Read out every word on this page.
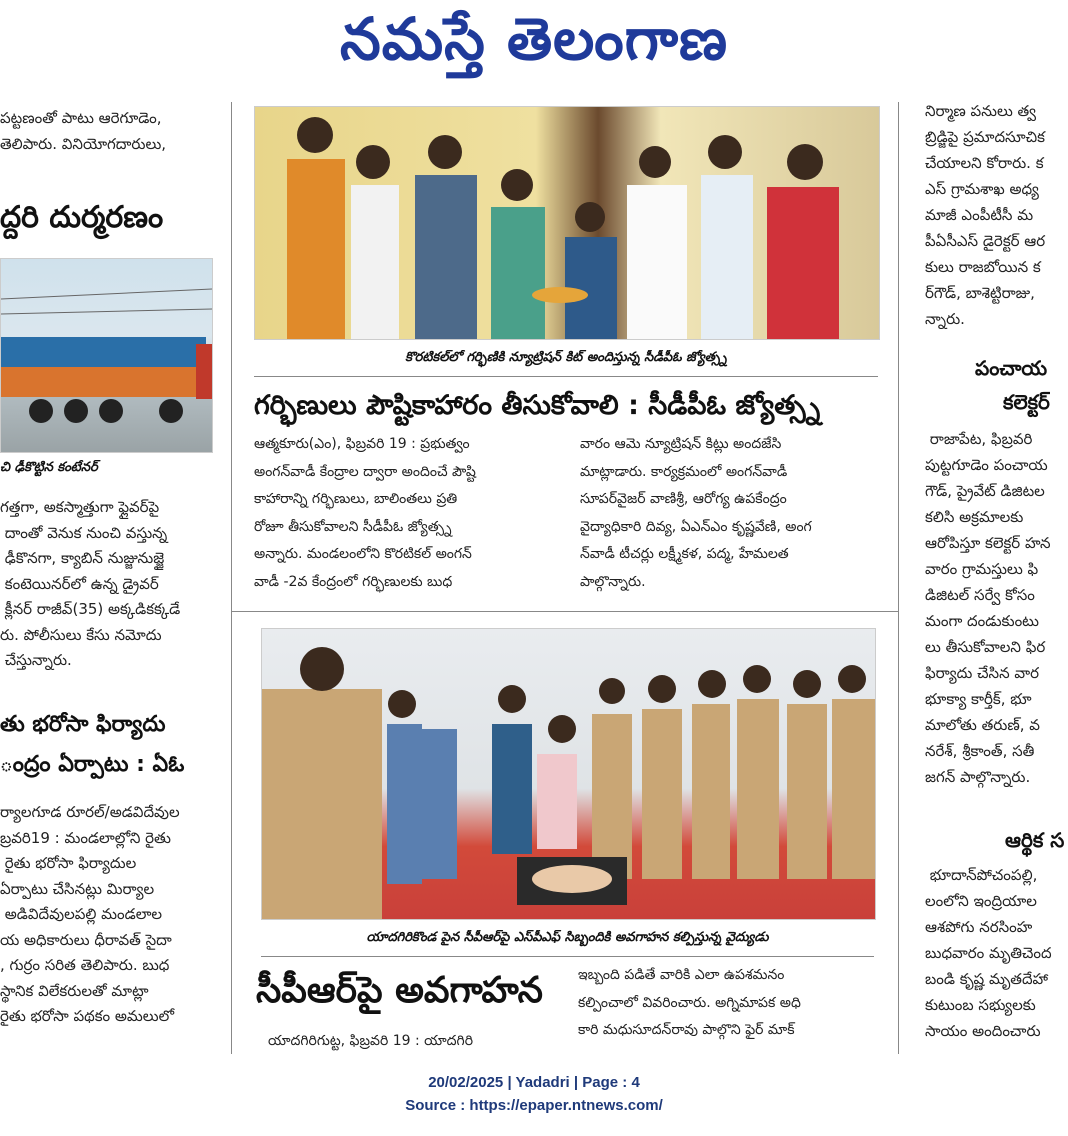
నమస్తే తెలంగాణ
పట్టణంతో పాటు ఆరెగూడెం,
తెలిపారు. వినియోగదారులు,
ద్దరి దుర్మరణం
చి ఢీకొట్టిన కంటేనర్
గత్తగా, అకస్మాత్తుగా ఫ్లైవర్‌పై
దాంతో వెనుక నుంచి వస్తున్న
ఢీకొనగా, క్యాబిన్ నుజ్జునుజ్జై
కంటెయినర్‌లో ఉన్న డ్రైవర్
క్లీనర్ రాజీవ్(35) అక్కడికక్కడే
రు. పోలీసులు కేసు నమోదు
చేస్తున్నారు.
తు భరోసా ఫిర్యాదు
ంద్రం ఏర్పాటు : ఏఓ
ర్యాలగూడ రూరల్/అడవిదేవుల
బ్రవరి19 : మండలాల్లోని రైతు
రైతు భరోసా ఫిర్యాదుల
ఏర్పాటు చేసినట్లు మిర్యాల
అడివిదేవులపల్లి మండలాల
య అధికారులు ధీరావత్ సైదా
, గుర్రం సరిత తెలిపారు. బుధ
స్థానిక విలేకరులతో మాట్లా
రైతు భరోసా పథకం అమలులో
కొరటికల్‌లో గర్భిణికి న్యూట్రిషన్ కిట్ అందిస్తున్న సీడీపీఓ జ్యోత్స్న
గర్భిణులు పౌష్టికాహారం తీసుకోవాలి : సీడీపీఓ జ్యోత్స్న
ఆత్మకూరు(ఎం), ఫిబ్రవరి 19 : ప్రభుత్వం
అంగన్‌వాడీ కేంద్రాల ద్వారా అందించే పౌష్టి
కాహారాన్ని గర్భిణులు, బాలింతలు ప్రతి
రోజూ తీసుకోవాలని సీడీపీఓ జ్యోత్స్న
అన్నారు. మండలంలోని కొరటికల్ అంగన్
వాడీ -2వ కేంద్రంలో గర్భిణులకు బుధ
వారం ఆమె న్యూట్రిషన్ కిట్లు అందజేసి
మాట్లాడారు. కార్యక్రమంలో అంగన్‌వాడీ
సూపర్‌వైజర్ వాణిశ్రీ, ఆరోగ్య ఉపకేంద్రం
వైద్యాధికారి దివ్య, ఏఎన్ఎం కృష్ణవేణి, అంగ
న్‌వాడీ టీచర్లు లక్ష్మీకళ, పద్మ, హేమలత
పాల్గొన్నారు.
యాదగిరికొండ పైన సీపీఆర్‌పై ఎస్‌పీఎఫ్ సిబ్బందికి అవగాహన కల్పిస్తున్న వైద్యుడు
సీపీఆర్‌పై అవగాహన
యాదగిరిగుట్ట, ఫిబ్రవరి 19 : యాదగిరి
ఇబ్బంది పడితే వారికి ఎలా ఉపశమనం
కల్పించాలో వివరించారు. అగ్నిమాపక అధి
కారి మధుసూదన్‌రావు పాల్గొని ఫైర్ మాక్
నిర్మాణ పనులు త్వ
బ్రిడ్జిపై ప్రమాదసూచిక
చేయాలని కోరారు. క
ఎస్ గ్రామశాఖ అధ్య
మాజీ ఎంపీటీసీ మ
పీఏసీఎస్ డైరెక్టర్ ఆర
కులు రాజబోయిన క
ర్‌గౌడ్, బాశెట్టిరాజు,
న్నారు.
పంచాయ
కలెక్టర్‌
రాజాపేట, ఫిబ్రవరి
పుట్టగూడెం పంచాయ
గౌడ్, ప్రైవేట్ డిజిటల
కలిసి అక్రమాలకు
ఆరోపిస్తూ కలెక్టర్ హన
వారం గ్రామస్తులు ఫి
డిజిటల్ సర్వే కోసం
మంగా దండుకుంటు
లు తీసుకోవాలని ఫిర
ఫిర్యాదు చేసిన వార
భూక్యా కార్తీక్, భూ
మాలోతు తరుణ్, వ
నరేశ్, శ్రీకాంత్, సతీ
జగన్ పాల్గొన్నారు.
ఆర్థిక స
భూదాన్‌పోచంపల్లి,
లంలోని ఇంద్రియాల
ఆశపోగు నరసింహ
బుధవారం మృతిచెంద
బండి కృష్ణ మృతదేహా
కుటుంబ సభ్యులకు
సాయం అందించారు
20/02/2025 | Yadadri | Page : 4
Source : https://epaper.ntnews.com/
